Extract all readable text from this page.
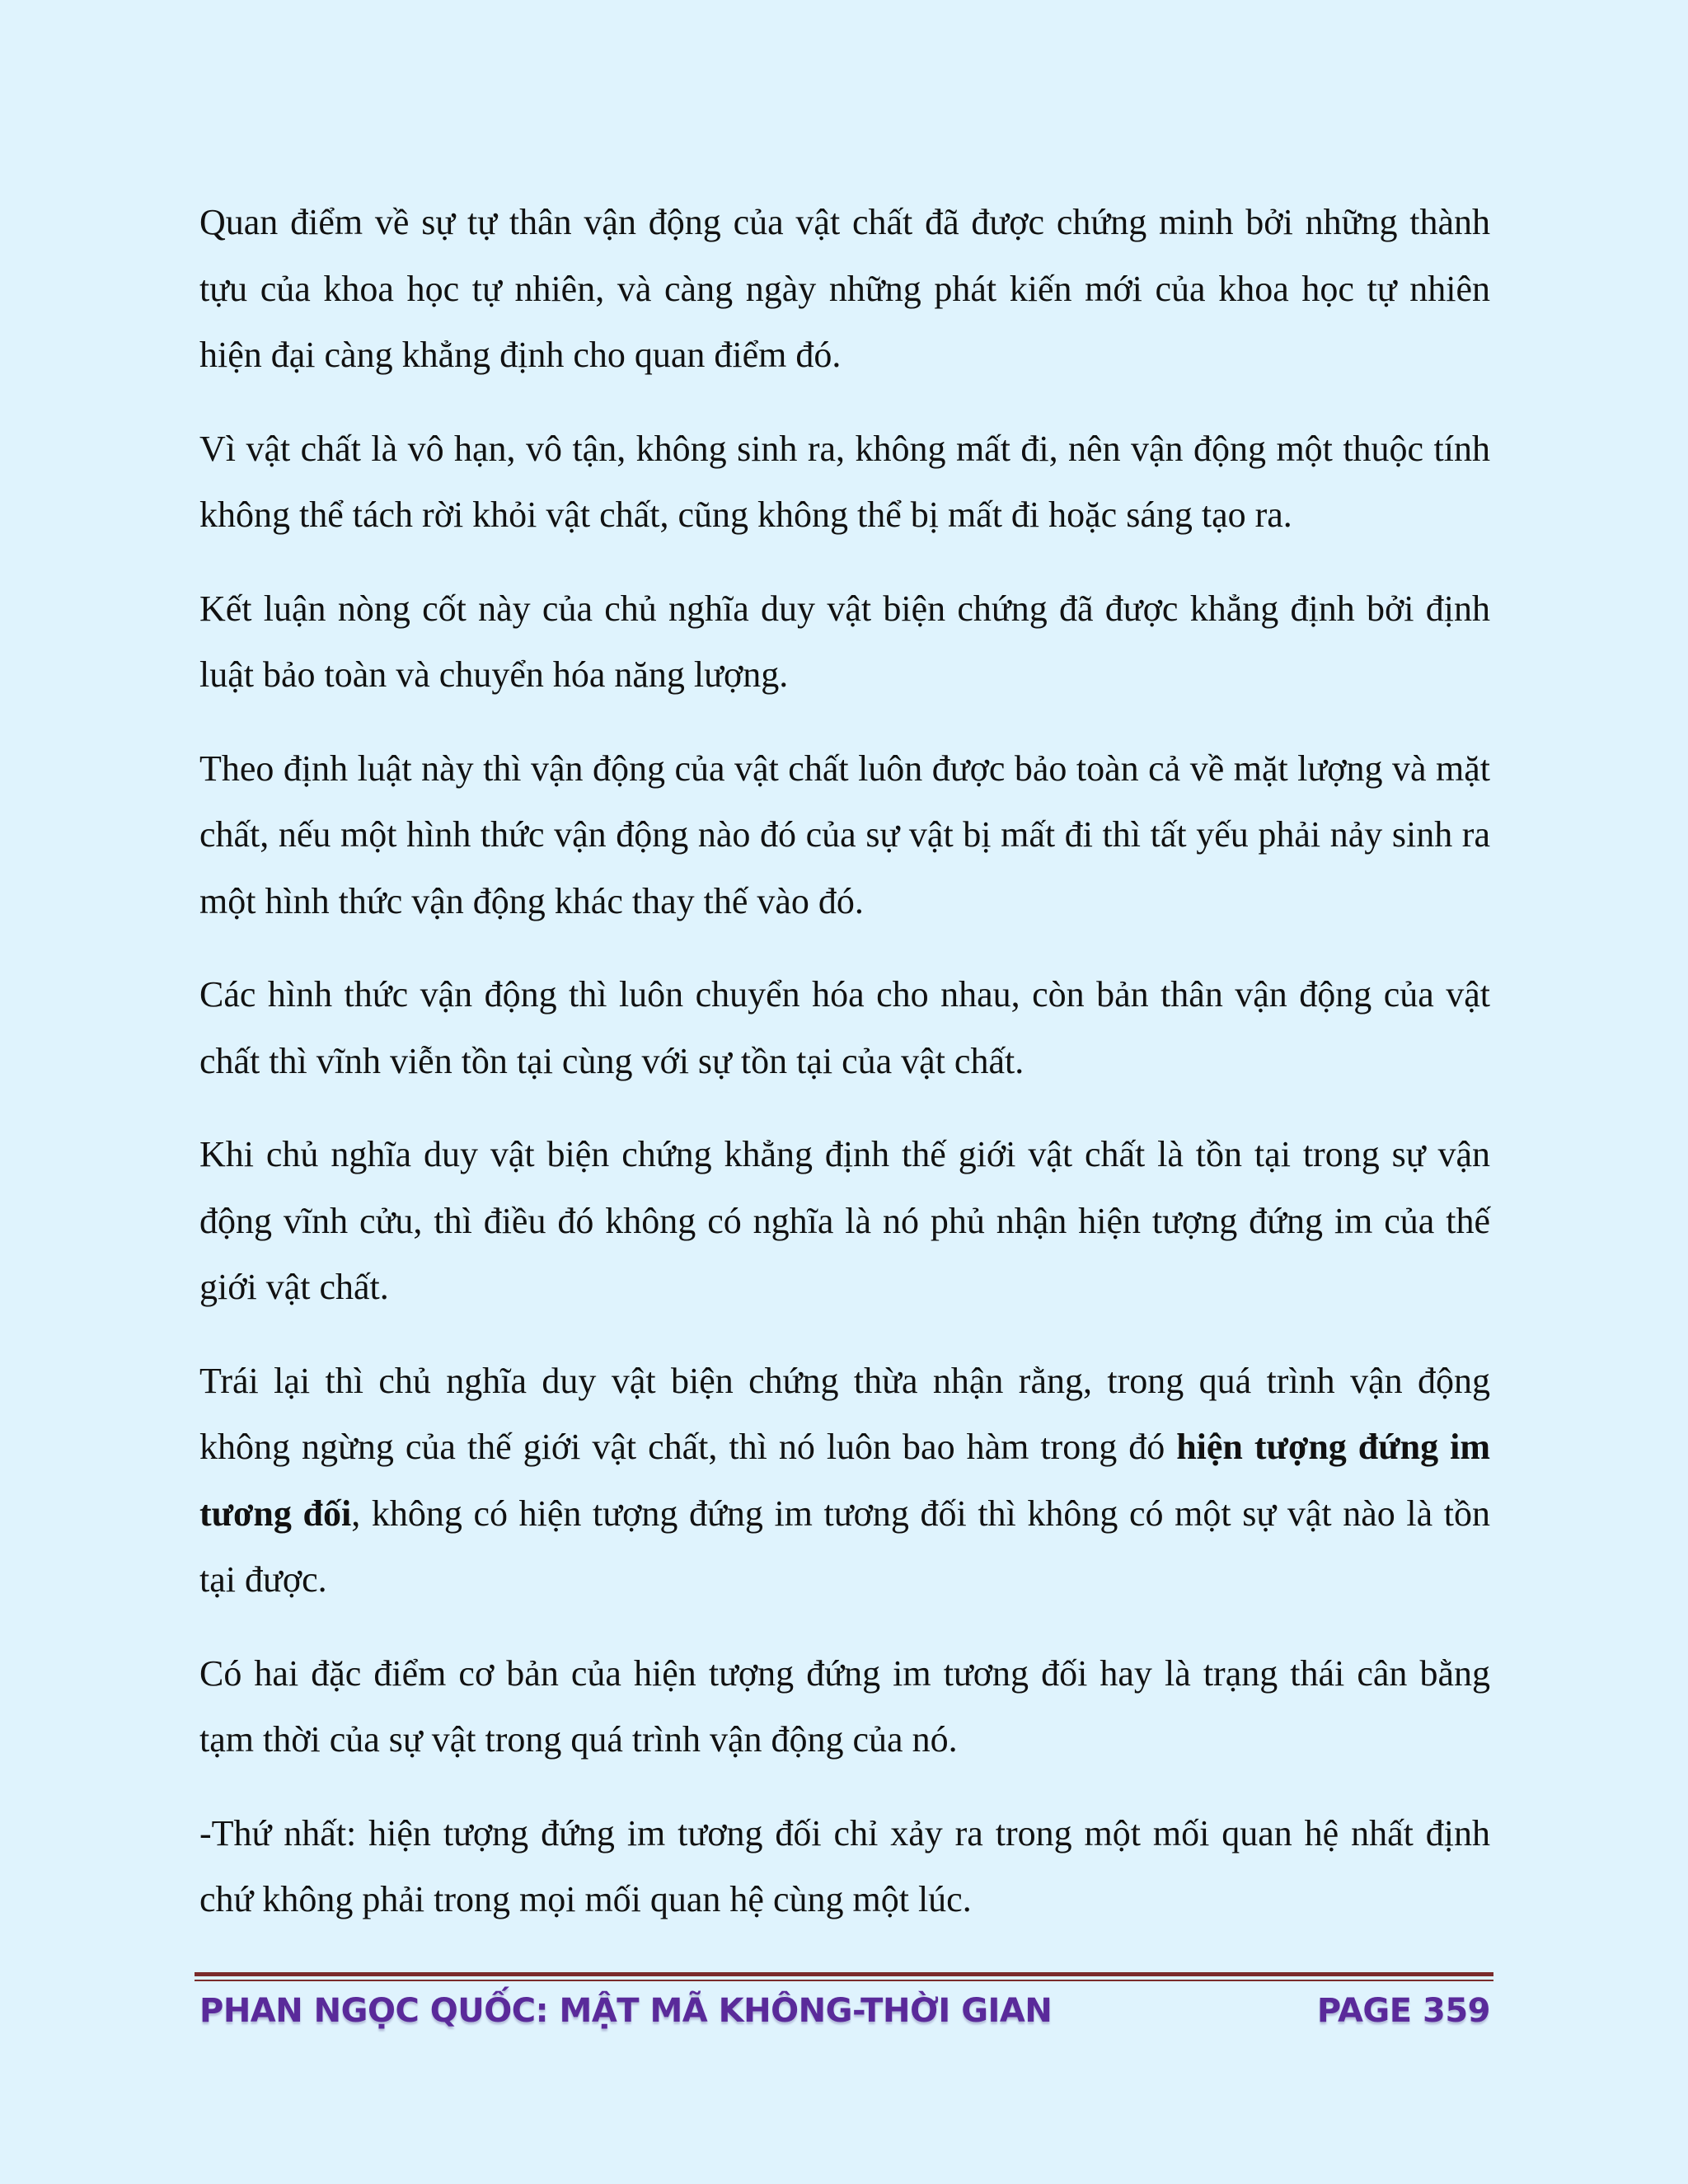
Quan điểm về sự tự thân vận động của vật chất đã được chứng minh bởi những thành tựu của khoa học tự nhiên, và càng ngày những phát kiến mới của khoa học tự nhiên hiện đại càng khẳng định cho quan điểm đó.

Vì vật chất là vô hạn, vô tận, không sinh ra, không mất đi, nên vận động một thuộc tính không thể tách rời khỏi vật chất, cũng không thể bị mất đi hoặc sáng tạo ra.

Kết luận nòng cốt này của chủ nghĩa duy vật biện chứng đã được khẳng định bởi định luật bảo toàn và chuyển hóa năng lượng.

Theo định luật này thì vận động của vật chất luôn được bảo toàn cả về mặt lượng và mặt chất, nếu một hình thức vận động nào đó của sự vật bị mất đi thì tất yếu phải nảy sinh ra một hình thức vận động khác thay thế vào đó.

Các hình thức vận động thì luôn chuyển hóa cho nhau, còn bản thân vận động của vật chất thì vĩnh viễn tồn tại cùng với sự tồn tại của vật chất.

Khi chủ nghĩa duy vật biện chứng khẳng định thế giới vật chất là tồn tại trong sự vận động vĩnh cửu, thì điều đó không có nghĩa là nó phủ nhận hiện tượng đứng im của thế giới vật chất.

Trái lại thì chủ nghĩa duy vật biện chứng thừa nhận rằng, trong quá trình vận động không ngừng của thế giới vật chất, thì nó luôn bao hàm trong đó hiện tượng đứng im tương đối, không có hiện tượng đứng im tương đối thì không có một sự vật nào là tồn tại được.

Có hai đặc điểm cơ bản của hiện tượng đứng im tương đối hay là trạng thái cân bằng tạm thời của sự vật trong quá trình vận động của nó.

-Thứ nhất: hiện tượng đứng im tương đối chỉ xảy ra trong một mối quan hệ nhất định chứ không phải trong mọi mối quan hệ cùng một lúc.

PHAN NGỌC QUỐC: MẬT MÃ KHÔNG-THỜI GIAN	PAGE 359
